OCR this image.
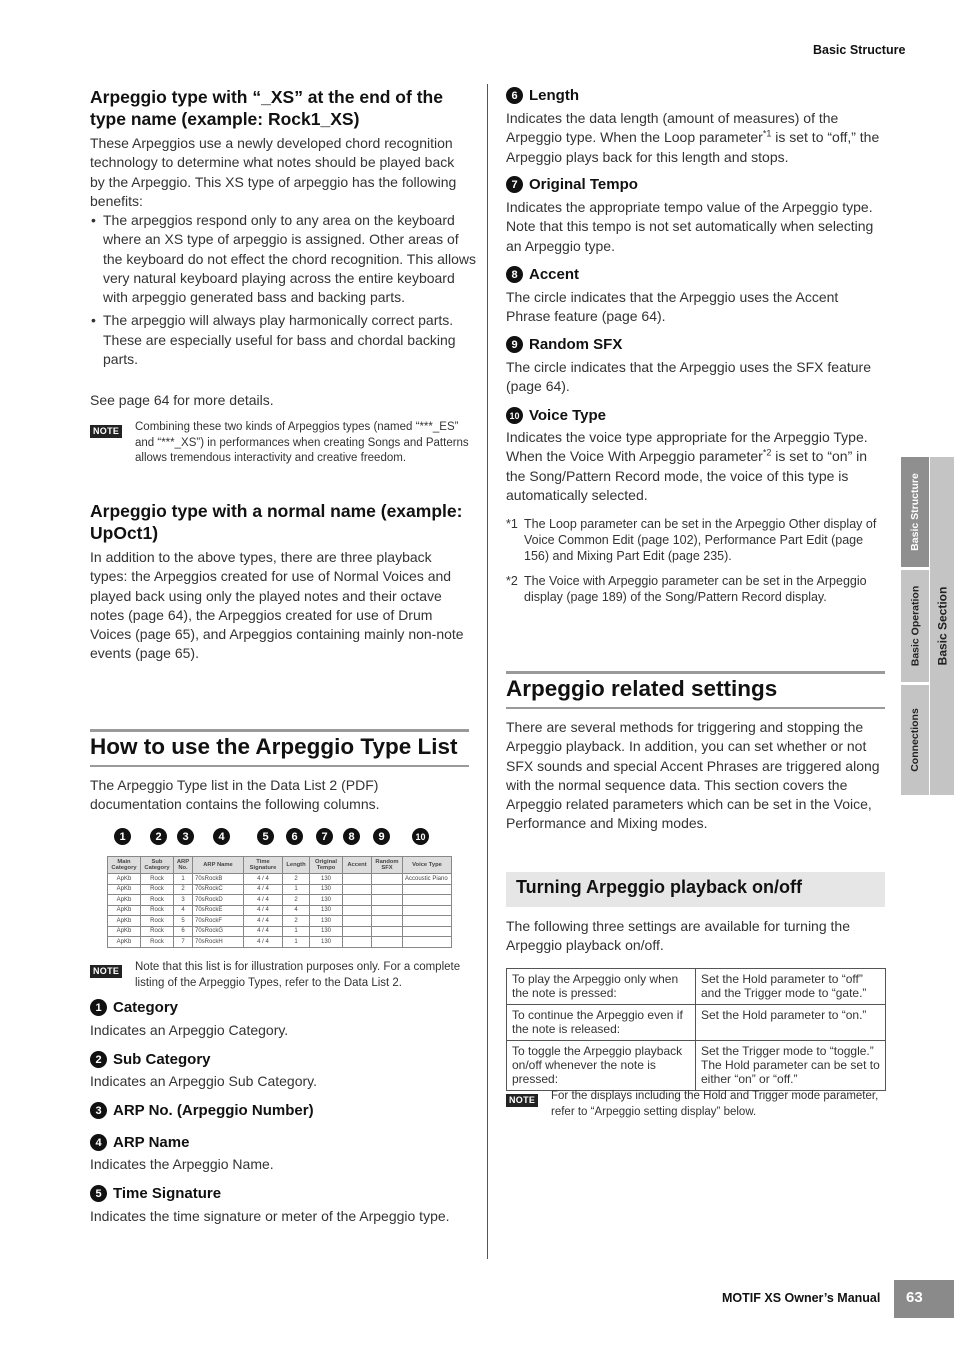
Basic Structure
Arpeggio type with “_XS” at the end of the type name (example: Rock1_XS)
These Arpeggios use a newly developed chord recognition technology to determine what notes should be played back by the Arpeggio. This XS type of arpeggio has the following benefits:
• The arpeggios respond only to any area on the keyboard where an XS type of arpeggio is assigned. Other areas of the keyboard do not effect the chord recognition. This allows very natural keyboard playing across the entire keyboard with arpeggio generated bass and backing parts.
• The arpeggio will always play harmonically correct parts. These are especially useful for bass and chordal backing parts.
See page 64 for more details.
NOTE Combining these two kinds of Arpeggios types (named “***_ES” and “***_XS”) in performances when creating Songs and Patterns allows tremendous interactivity and creative freedom.
Arpeggio type with a normal name (example: UpOct1)
In addition to the above types, there are three playback types: the Arpeggios created for use of Normal Voices and played back using only the played notes and their octave notes (page 64), the Arpeggios created for use of Drum Voices (page 65), and Arpeggios containing mainly non-note events (page 65).
How to use the Arpeggio Type List
The Arpeggio Type list in the Data List 2 (PDF) documentation contains the following columns.
1	2	3	4	5	6	7	8	9	10
Main Category	Sub Category	ARP No.	ARP Name	Time Signature	Length	Original Tempo	Accent	Random SFX	Voice Type
ApKb	Rock	1	70sRockB	4 / 4	2	130			Accoustic Piano
ApKb	Rock	2	70sRockC	4 / 4	1	130			
ApKb	Rock	3	70sRockD	4 / 4	2	130			
ApKb	Rock	4	70sRockE	4 / 4	4	130			
ApKb	Rock	5	70sRockF	4 / 4	2	130			
ApKb	Rock	6	70sRockG	4 / 4	1	130			
ApKb	Rock	7	70sRockH	4 / 4	1	130			
NOTE Note that this list is for illustration purposes only. For a complete listing of the Arpeggio Types, refer to the Data List 2.
1 Category
Indicates an Arpeggio Category.
2 Sub Category
Indicates an Arpeggio Sub Category.
3 ARP No. (Arpeggio Number)
4 ARP Name
Indicates the Arpeggio Name.
5 Time Signature
Indicates the time signature or meter of the Arpeggio type.
6 Length
Indicates the data length (amount of measures) of the Arpeggio type. When the Loop parameter$^{*1}$ is set to “off,” the Arpeggio plays back for this length and stops.
7 Original Tempo
Indicates the appropriate tempo value of the Arpeggio type. Note that this tempo is not set automatically when selecting an Arpeggio type.
8 Accent
The circle indicates that the Arpeggio uses the Accent Phrase feature (page 64).
9 Random SFX
The circle indicates that the Arpeggio uses the SFX feature (page 64).
10 Voice Type
Indicates the voice type appropriate for the Arpeggio Type. When the Voice With Arpeggio parameter$^{*2}$ is set to “on” in the Song/Pattern Record mode, the voice of this type is automatically selected.
*1 The Loop parameter can be set in the Arpeggio Other display of Voice Common Edit (page 102), Performance Part Edit (page 156) and Mixing Part Edit (page 235).
*2 The Voice with Arpeggio parameter can be set in the Arpeggio display (page 189) of the Song/Pattern Record display.
Arpeggio related settings
There are several methods for triggering and stopping the Arpeggio playback. In addition, you can set whether or not SFX sounds and special Accent Phrases are triggered along with the normal sequence data. This section covers the Arpeggio related parameters which can be set in the Voice, Performance and Mixing modes.
Turning Arpeggio playback on/off
The following three settings are available for turning the Arpeggio playback on/off.
To play the Arpeggio only when the note is pressed:	Set the Hold parameter to “off” and the Trigger mode to “gate.”
To continue the Arpeggio even if the note is released:	Set the Hold parameter to “on.”
To toggle the Arpeggio playback on/off whenever the note is pressed:	Set the Trigger mode to “toggle.” The Hold parameter can be set to either “on” or “off.”
NOTE For the displays including the Hold and Trigger mode parameter, refer to “Arpeggio setting display” below.
Basic Structure
Basic Operation
Connections
Basic Section
MOTIF XS Owner’s Manual 63
